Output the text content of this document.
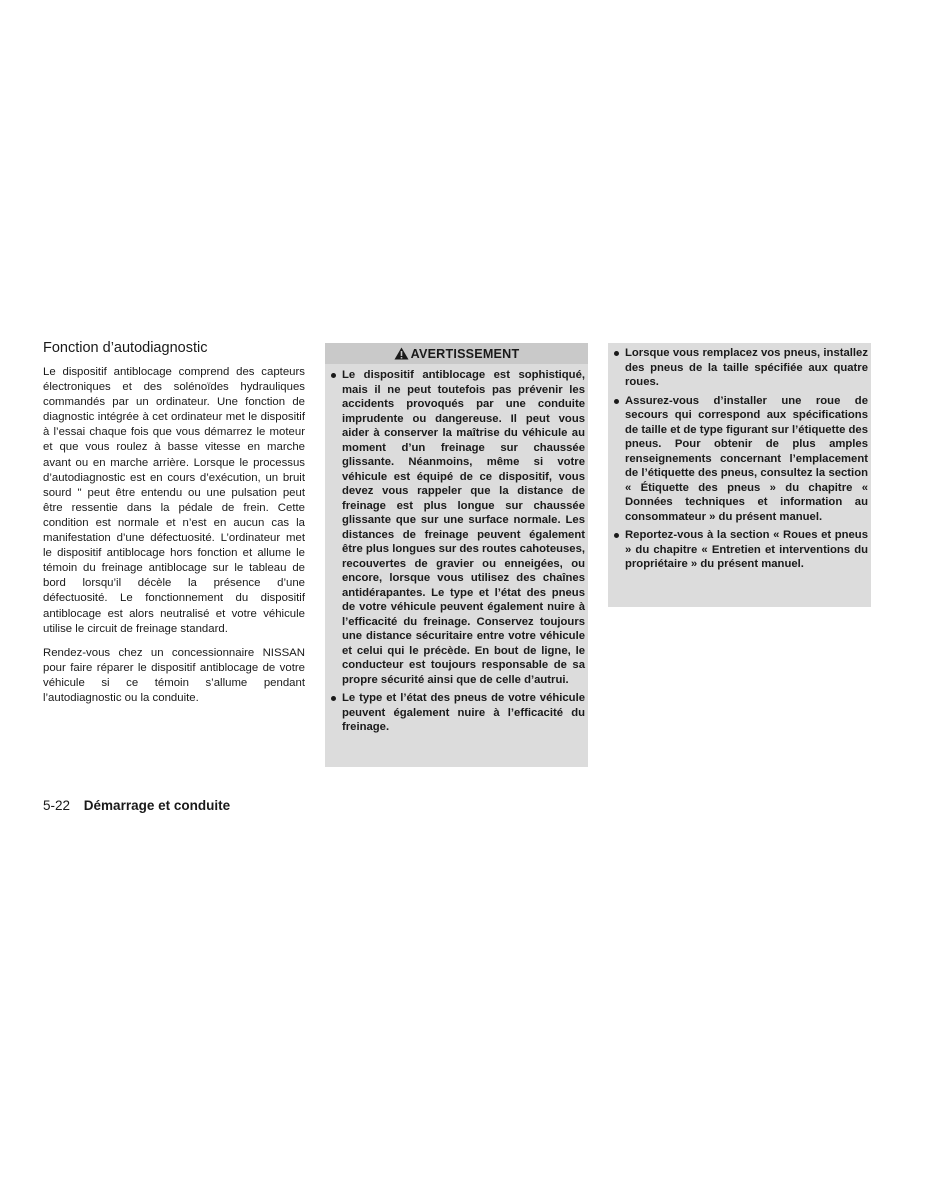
Fonction d’autodiagnostic

Le dispositif antiblocage comprend des capteurs électroniques et des solénoïdes hydrauliques commandés par un ordinateur. Une fonction de diagnostic intégrée à cet ordinateur met le dispositif à l’essai chaque fois que vous démarrez le moteur et que vous roulez à basse vitesse en marche avant ou en marche arrière. Lorsque le processus d’autodiagnostic est en cours d’exécution, un bruit sourd '' peut être entendu ou une pulsation peut être ressentie dans la pédale de frein. Cette condition est normale et n’est en aucun cas la manifestation d’une défectuosité. L’ordinateur met le dispositif antiblocage hors fonction et allume le témoin du freinage antiblocage sur le tableau de bord lorsqu’il décèle la présence d’une défectuosité. Le fonctionnement du dispositif antiblocage est alors neutralisé et votre véhicule utilise le circuit de freinage standard.

Rendez-vous chez un concessionnaire NISSAN pour faire réparer le dispositif antiblocage de votre véhicule si ce témoin s’allume pendant l’autodiagnostic ou la conduite.

AVERTISSEMENT
Le dispositif antiblocage est sophistiqué, mais il ne peut toutefois pas prévenir les accidents provoqués par une conduite imprudente ou dangereuse. Il peut vous aider à conserver la maîtrise du véhicule au moment d’un freinage sur chaussée glissante. Néanmoins, même si votre véhicule est équipé de ce dispositif, vous devez vous rappeler que la distance de freinage est plus longue sur chaussée glissante que sur une surface normale. Les distances de freinage peuvent également être plus longues sur des routes cahoteuses, recouvertes de gravier ou enneigées, ou encore, lorsque vous utilisez des chaînes antidérapantes. Le type et l’état des pneus de votre véhicule peuvent également nuire à l’efficacité du freinage. Conservez toujours une distance sécuritaire entre votre véhicule et celui qui le précède. En bout de ligne, le conducteur est toujours responsable de sa propre sécurité ainsi que de celle d’autrui.
Le type et l’état des pneus de votre véhicule peuvent également nuire à l’efficacité du freinage.
Lorsque vous remplacez vos pneus, installez des pneus de la taille spécifiée aux quatre roues.
Assurez-vous d’installer une roue de secours qui correspond aux spécifications de taille et de type figurant sur l’étiquette des pneus. Pour obtenir de plus amples renseignements concernant l’emplacement de l’étiquette des pneus, consultez la section « Étiquette des pneus » du chapitre « Données techniques et information au consommateur » du présent manuel.
Reportez-vous à la section « Roues et pneus » du chapitre « Entretien et interventions du propriétaire » du présent manuel.
5-22 Démarrage et conduite
